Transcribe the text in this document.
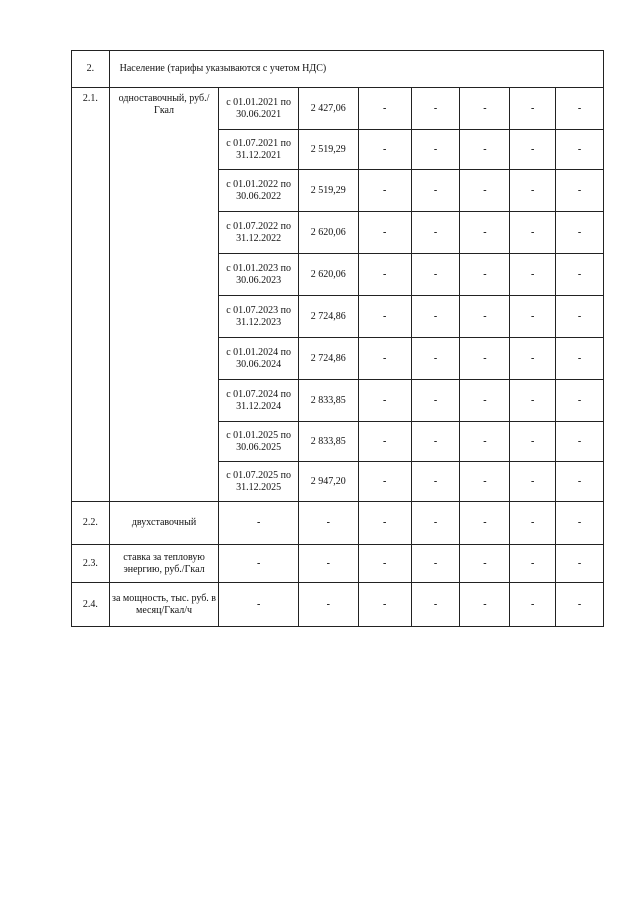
2.	Население (тарифы указываются с учетом НДС)							
2.1.	одноставочный, руб./Гкал	с 01.01.2021 по 30.06.2021	2 427,06	-	-	-	-	-
		с 01.07.2021 по 31.12.2021	2 519,29	-	-	-	-	-
		с 01.01.2022 по 30.06.2022	2 519,29	-	-	-	-	-
		с 01.07.2022 по 31.12.2022	2 620,06	-	-	-	-	-
		с 01.01.2023 по 30.06.2023	2 620,06	-	-	-	-	-
		с 01.07.2023 по 31.12.2023	2 724,86	-	-	-	-	-
		с 01.01.2024 по 30.06.2024	2 724,86	-	-	-	-	-
		с 01.07.2024 по 31.12.2024	2 833,85	-	-	-	-	-
		с 01.01.2025 по 30.06.2025	2 833,85	-	-	-	-	-
		с 01.07.2025 по 31.12.2025	2 947,20	-	-	-	-	-
2.2.	двухставочный	-	-	-	-	-	-	-
2.3.	ставка за тепловую энергию, руб./Гкал	-	-	-	-	-	-	-
2.4.	за мощность, тыс. руб. в месяц/Гкал/ч	-	-	-	-	-	-	-
